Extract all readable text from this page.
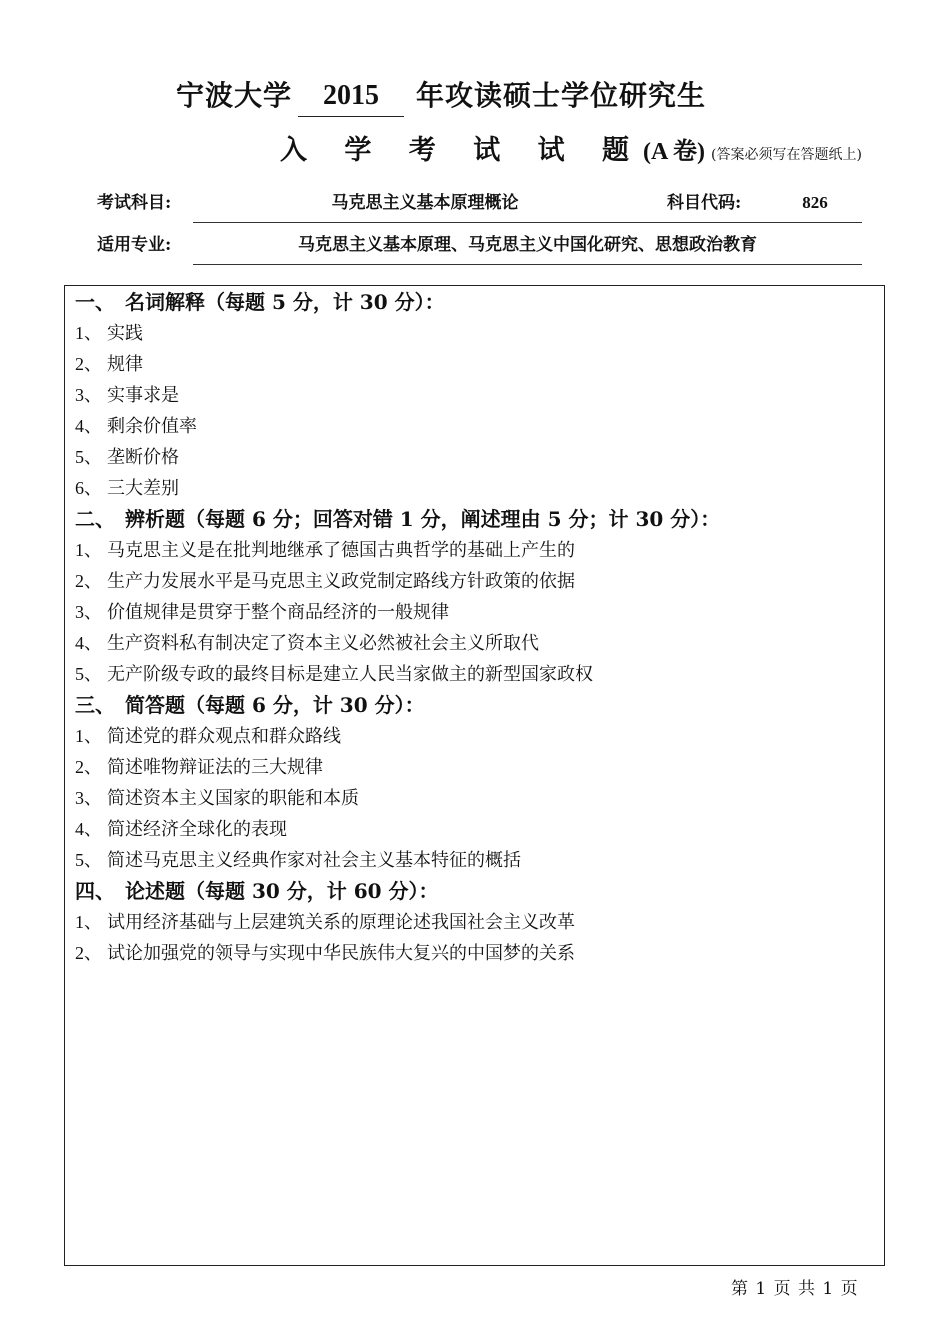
宁波大学	2015	年攻读硕士学位研究生
入 学 考 试 试 题(A 卷) (答案必须写在答题纸上)
考试科目:	马克思主义基本原理概论	科目代码:	826
适用专业:	马克思主义基本原理、马克思主义中国化研究、思想政治教育
一、 名词解释（每题 5 分，计 30 分）：
1、 实践
2、 规律
3、 实事求是
4、 剩余价值率
5、 垄断价格
6、 三大差别
二、 辨析题（每题 6 分；回答对错 1 分，阐述理由 5 分；计 30 分）：
1、 马克思主义是在批判地继承了德国古典哲学的基础上产生的
2、 生产力发展水平是马克思主义政党制定路线方针政策的依据
3、 价值规律是贯穿于整个商品经济的一般规律
4、 生产资料私有制决定了资本主义必然被社会主义所取代
5、 无产阶级专政的最终目标是建立人民当家做主的新型国家政权
三、 简答题（每题 6 分，计 30 分）：
1、 简述党的群众观点和群众路线
2、 简述唯物辩证法的三大规律
3、 简述资本主义国家的职能和本质
4、 简述经济全球化的表现
5、 简述马克思主义经典作家对社会主义基本特征的概括
四、 论述题（每题 30 分，计 60 分）：
1、 试用经济基础与上层建筑关系的原理论述我国社会主义改革
2、 试论加强党的领导与实现中华民族伟大复兴的中国梦的关系
第 1 页 共 1 页
